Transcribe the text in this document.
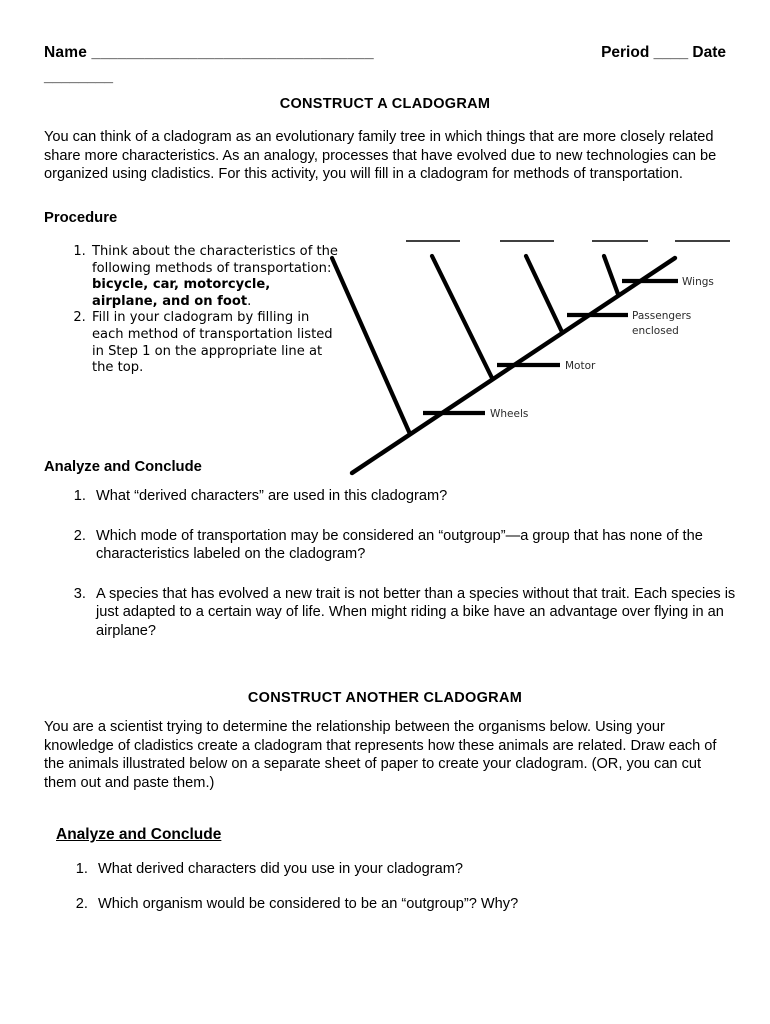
Name ________________________________	Period ____ Date
________
CONSTRUCT A CLADOGRAM
You can think of a cladogram as an evolutionary family tree in which things that are more closely related share more characteristics. As an analogy, processes that have evolved due to new technologies can be organized using cladistics. For this activity, you will fill in a cladogram for methods of transportation.
Procedure
1. Think about the characteristics of the following methods of transportation: bicycle, car, motorcycle, airplane, and on foot.
2. Fill in your cladogram by filling in each method of transportation listed in Step 1 on the appropriate line at the top.
Wheels
Motor
Passengers
enclosed
Wings
Analyze and Conclude
1. What “derived characters” are used in this cladogram?
2. Which mode of transportation may be considered an “outgroup”—a group that has none of the characteristics labeled on the cladogram?
3. A species that has evolved a new trait is not better than a species without that trait. Each species is just adapted to a certain way of life. When might riding a bike have an advantage over flying in an airplane?
CONSTRUCT ANOTHER CLADOGRAM
You are a scientist trying to determine the relationship between the organisms below. Using your knowledge of cladistics create a cladogram that represents how these animals are related. Draw each of the animals illustrated below on a separate sheet of paper to create your cladogram. (OR, you can cut them out and paste them.)
Analyze and Conclude
1. What derived characters did you use in your cladogram?
2. Which organism would be considered to be an “outgroup”? Why?
